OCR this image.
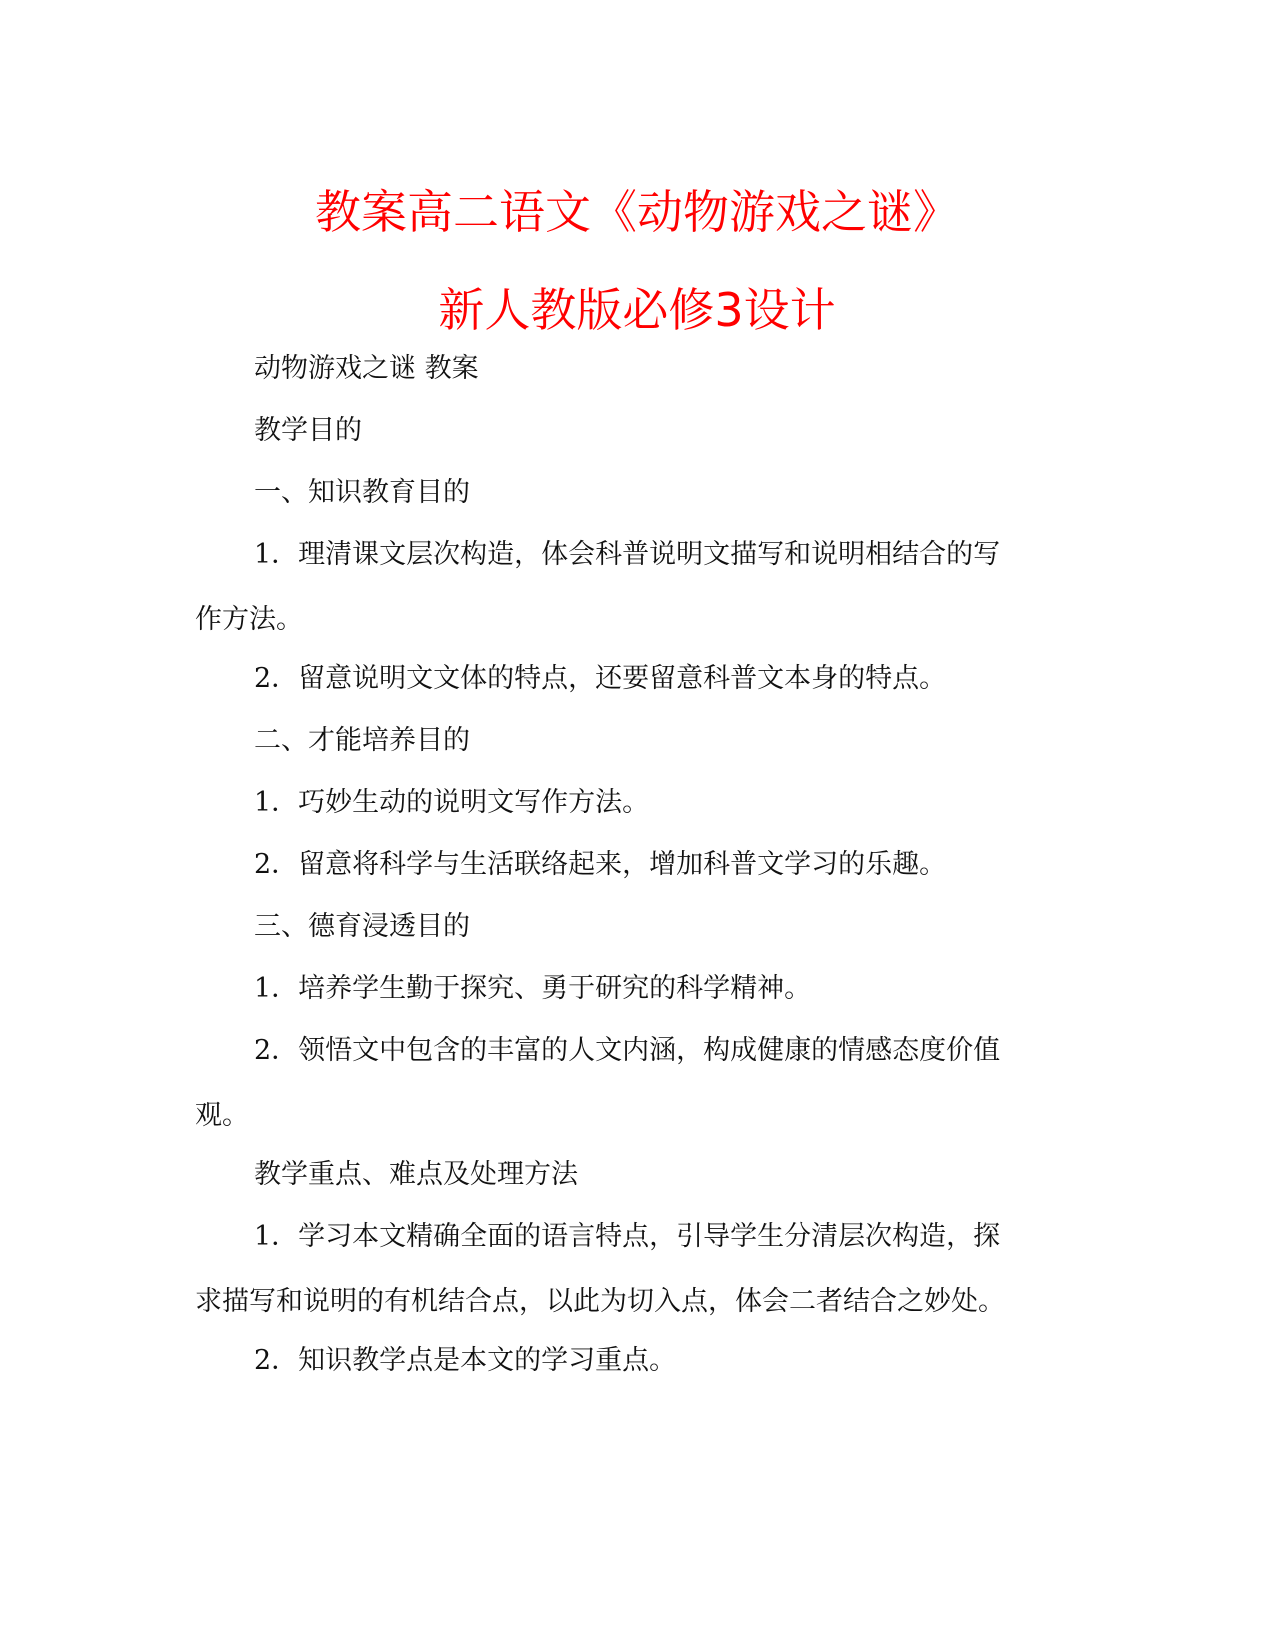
教案高二语文《动物游戏之谜》
新人教版必修3设计
动物游戏之谜 教案
教学目的
一、知识教育目的
1．理清课文层次构造，体会科普说明文描写和说明相结合的写
作方法。
2．留意说明文文体的特点，还要留意科普文本身的特点。
二、才能培养目的
1．巧妙生动的说明文写作方法。
2．留意将科学与生活联络起来，增加科普文学习的乐趣。
三、德育浸透目的
1．培养学生勤于探究、勇于研究的科学精神。
2．领悟文中包含的丰富的人文内涵，构成健康的情感态度价值
观。
教学重点、难点及处理方法
1．学习本文精确全面的语言特点，引导学生分清层次构造，探
求描写和说明的有机结合点，以此为切入点，体会二者结合之妙处。
2．知识教学点是本文的学习重点。
